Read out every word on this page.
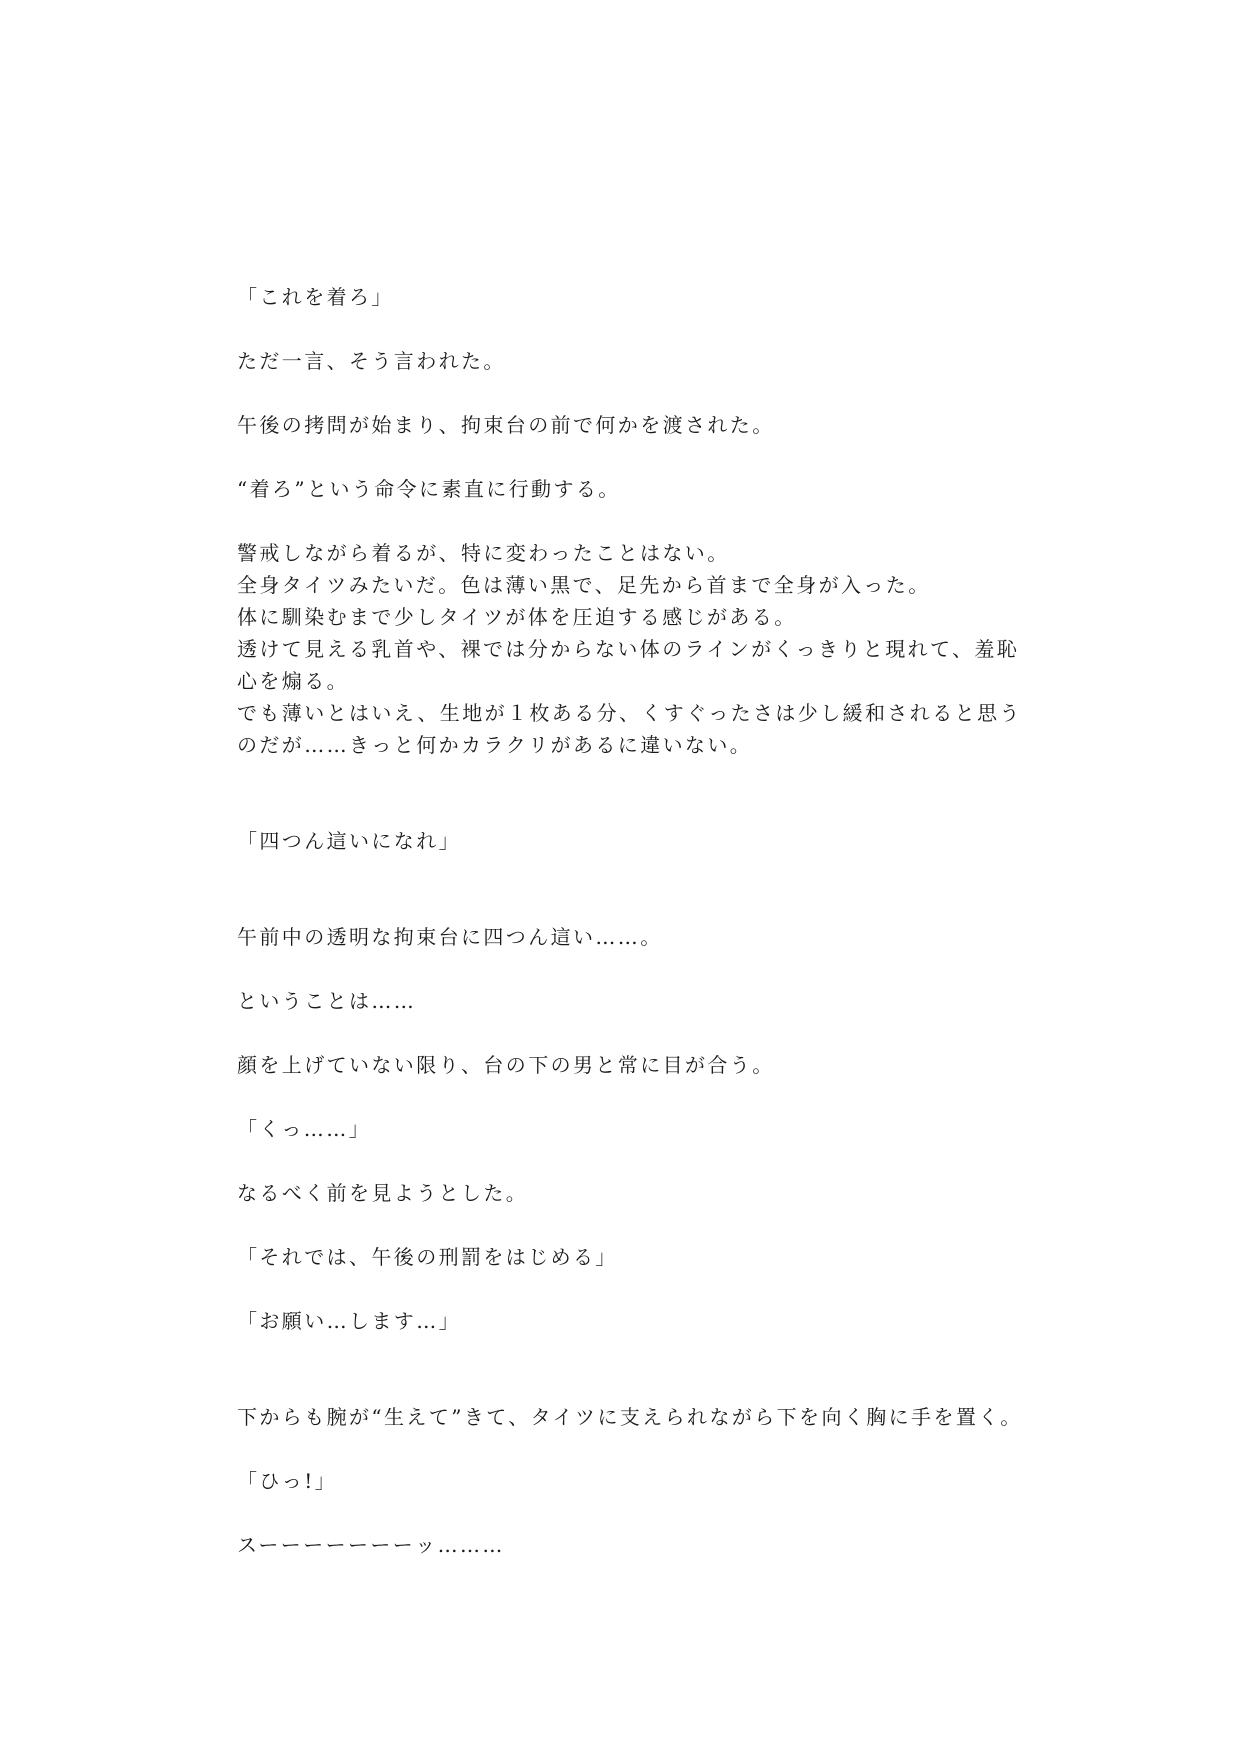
「これを着ろ」
ただ一言、そう言われた。
午後の拷問が始まり、拘束台の前で何かを渡された。
“着ろ”という命令に素直に行動する。
警戒しながら着るが、特に変わったことはない。
全身タイツみたいだ。色は薄い黒で、足先から首まで全身が入った。
体に馴染むまで少しタイツが体を圧迫する感じがある。
透けて見える乳首や、裸では分からない体のラインがくっきりと現れて、羞恥
心を煽る。
でも薄いとはいえ、生地が１枚ある分、くすぐったさは少し緩和されると思う
のだが……きっと何かカラクリがあるに違いない。
「四つん這いになれ」
午前中の透明な拘束台に四つん這い……。
ということは……
顔を上げていない限り、台の下の男と常に目が合う。
「くっ……」
なるべく前を見ようとした。
「それでは、午後の刑罰をはじめる」
「お願い…します…」
下からも腕が“生えて”きて、タイツに支えられながら下を向く胸に手を置く。
「ひっ!」
スーーーーーーーッ………
